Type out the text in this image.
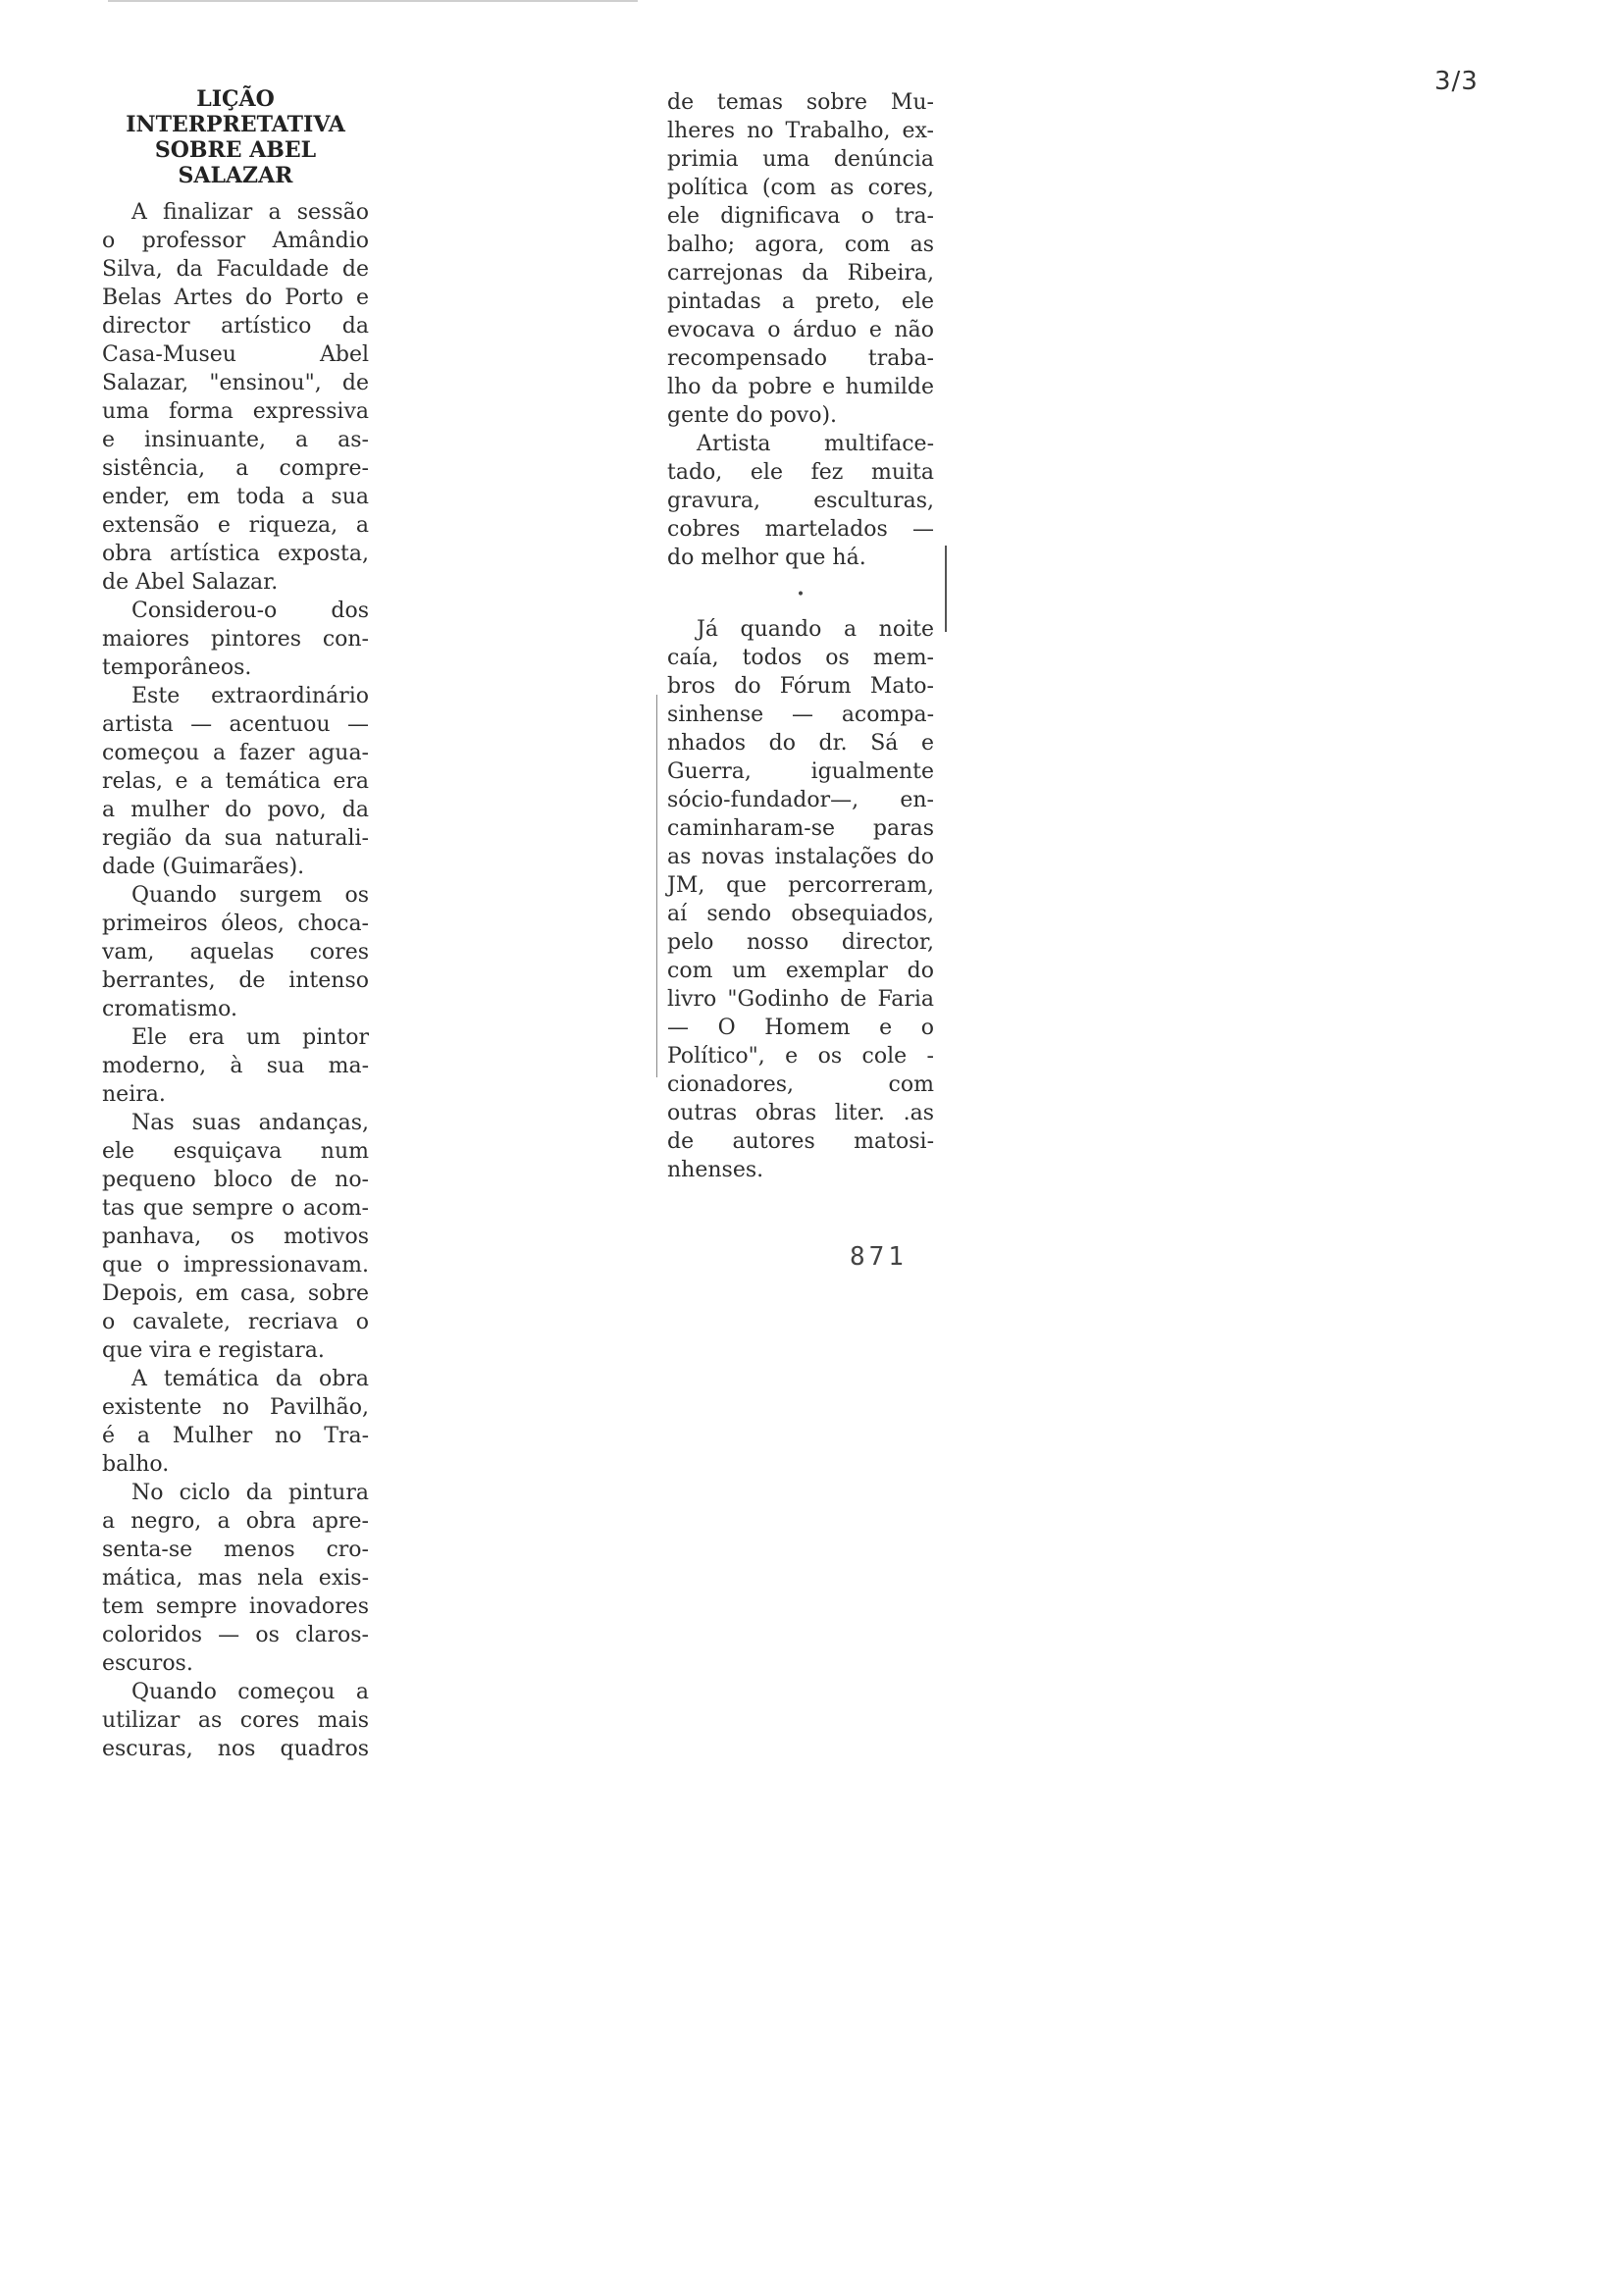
3/3
LIÇÃO
INTERPRETATIVA
SOBRE ABEL
SALAZAR
A finalizar a sessão
o professor Amândio
Silva, da Faculdade de
Belas Artes do Porto e
director artístico da
Casa-Museu Abel
Salazar, "ensinou", de
uma forma expressiva
e insinuante, a as-
sistência, a compre-
ender, em toda a sua
extensão e riqueza, a
obra artística exposta,
de Abel Salazar.
Considerou-o dos
maiores pintores con-
temporâneos.
Este extraordinário
artista — acentuou —
começou a fazer agua-
relas, e a temática era
a mulher do povo, da
região da sua naturali-
dade (Guimarães).
Quando surgem os
primeiros óleos, choca-
vam, aquelas cores
berrantes, de intenso
cromatismo.
Ele era um pintor
moderno, à sua ma-
neira.
Nas suas andanças,
ele esquiçava num
pequeno bloco de no-
tas que sempre o acom-
panhava, os motivos
que o impressionavam.
Depois, em casa, sobre
o cavalete, recriava o
que vira e registara.
A temática da obra
existente no Pavilhão,
é a Mulher no Tra-
balho.
No ciclo da pintura
a negro, a obra apre-
senta-se menos cro-
mática, mas nela exis-
tem sempre inovadores
coloridos — os claros-
escuros.
Quando começou a
utilizar as cores mais
escuras, nos quadros
de temas sobre Mu-
lheres no Trabalho, ex-
primia uma denúncia
política (com as cores,
ele dignificava o tra-
balho; agora, com as
carrejonas da Ribeira,
pintadas a preto, ele
evocava o árduo e não
recompensado traba-
lho da pobre e humilde
gente do povo).
Artista multiface-
tado, ele fez muita
gravura, esculturas,
cobres martelados —
do melhor que há.
•
Já quando a noite
caía, todos os mem-
bros do Fórum Mato-
sinhense — acompa-
nhados do dr. Sá e
Guerra, igualmente
sócio-fundador—, en-
caminharam-se paras
as novas instalações do
JM, que percorreram,
aí sendo obsequiados,
pelo nosso director,
com um exemplar do
livro "Godinho de Faria
— O Homem e o
Político", e os cole -
cionadores, com
outras obras liter. .as
de autores matosi-
nhenses.
871
